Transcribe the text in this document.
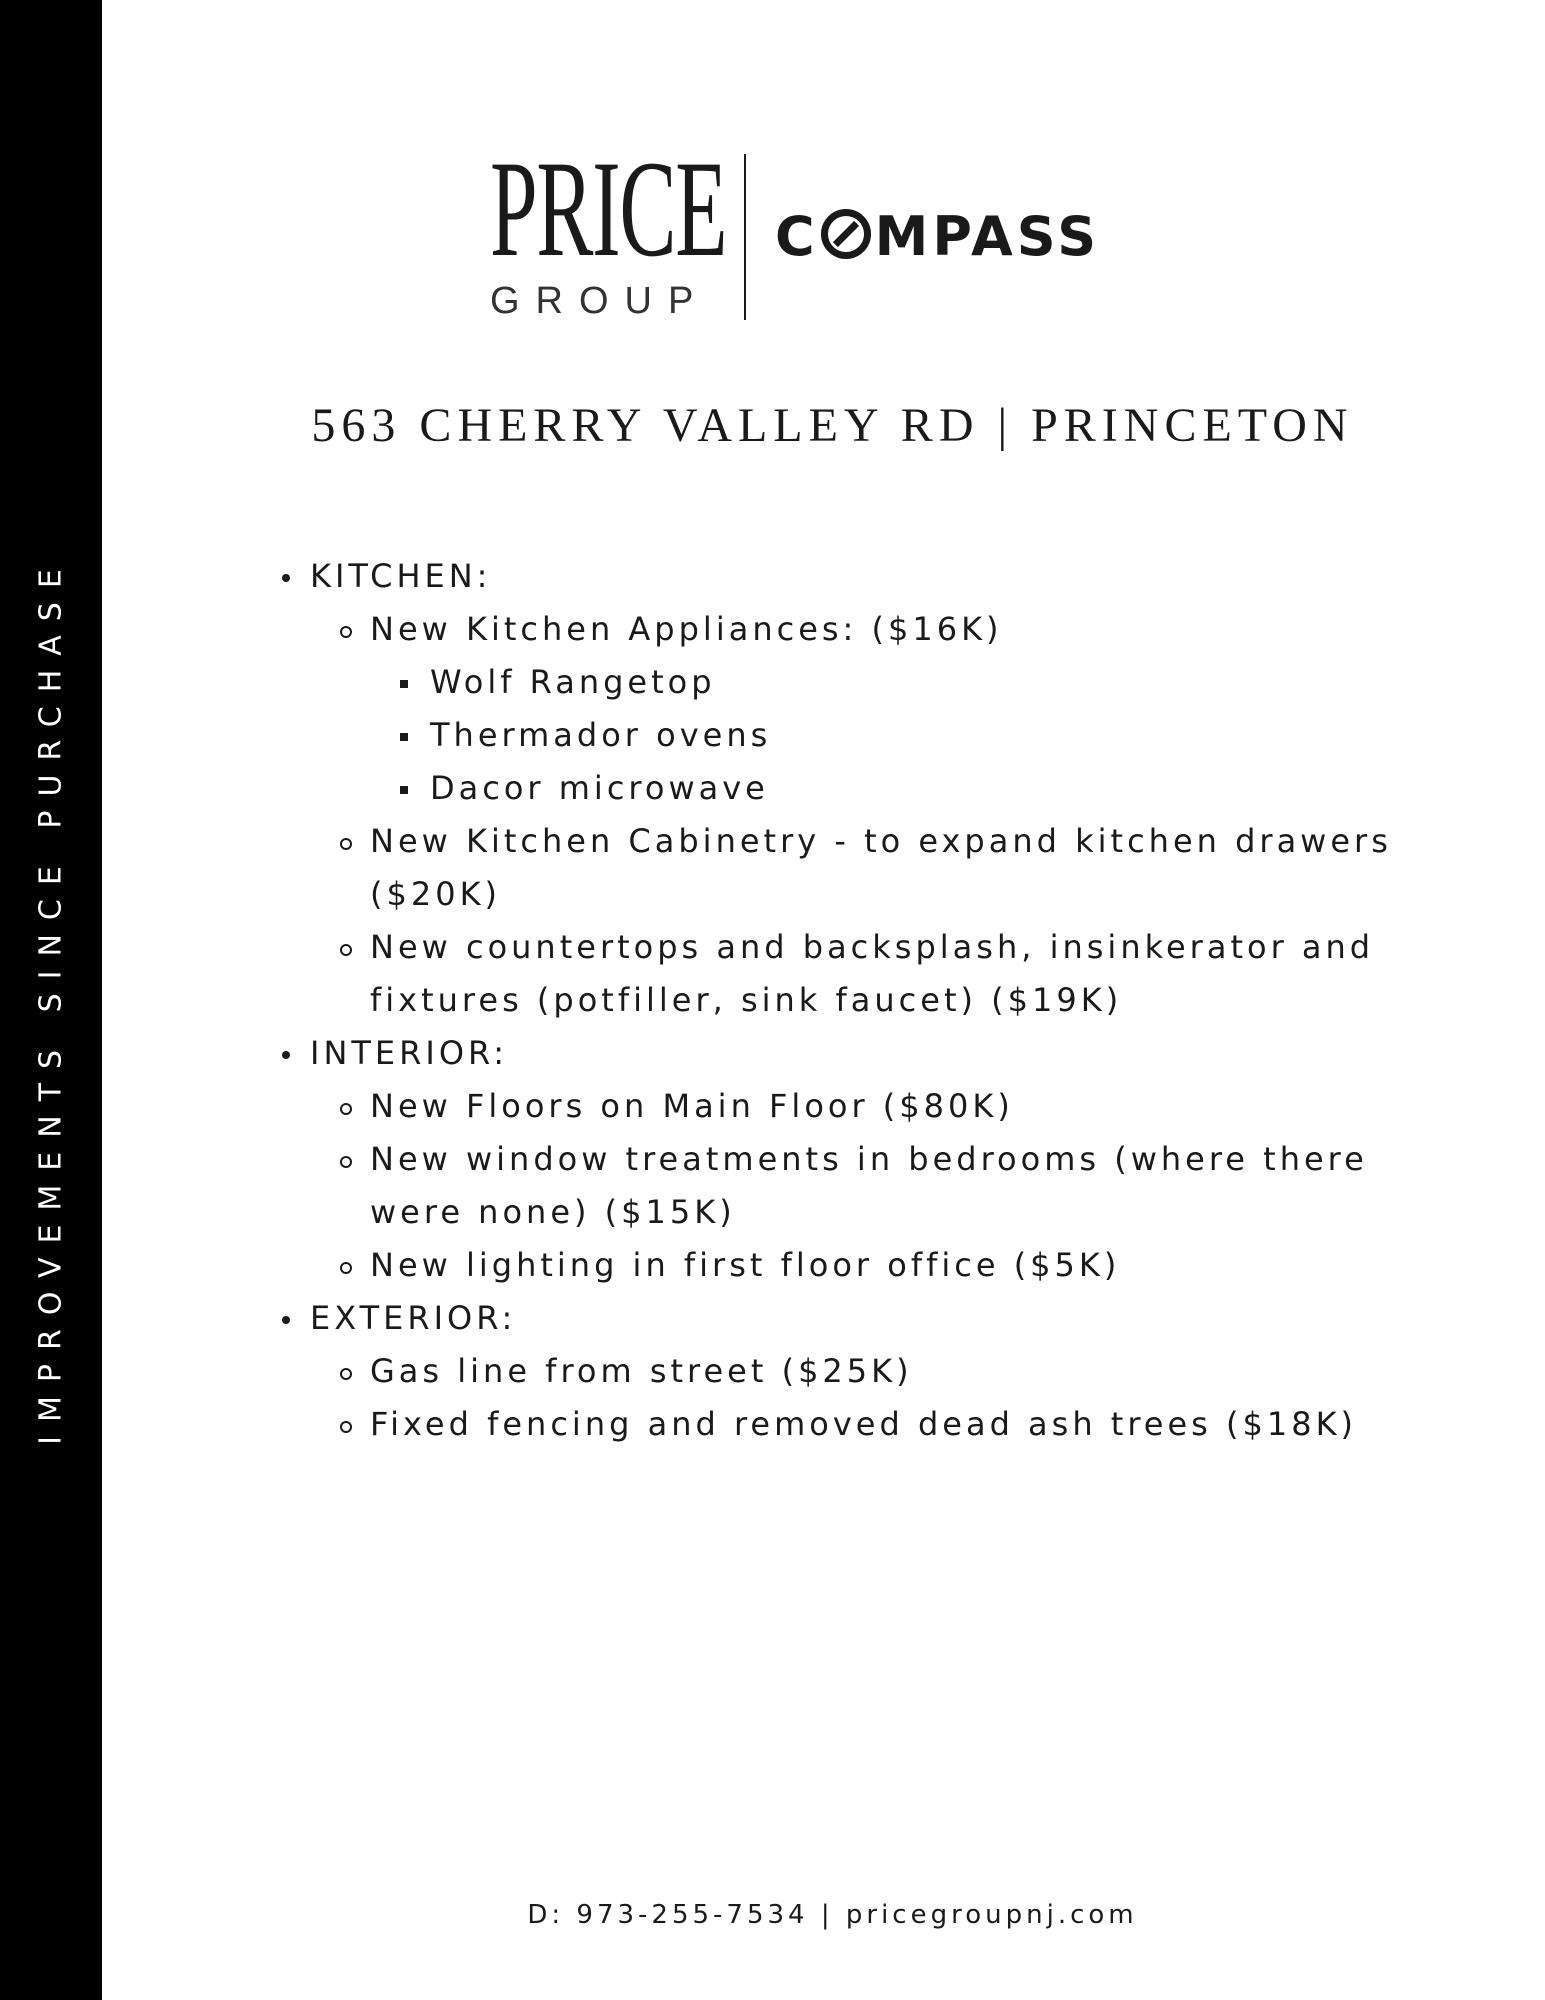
IMPROVEMENTS SINCE PURCHASE
PRICE
GROUP
C MPASS
563 CHERRY VALLEY RD | PRINCETON
KITCHEN:
New Kitchen Appliances: ($16K)
Wolf Rangetop
Thermador ovens
Dacor microwave
New Kitchen Cabinetry - to expand kitchen drawers ($20K)
New countertops and backsplash, insinkerator and fixtures (potfiller, sink faucet) ($19K)
INTERIOR:
New Floors on Main Floor ($80K)
New window treatments in bedrooms (where there were none) ($15K)
New lighting in first floor office ($5K)
EXTERIOR:
Gas line from street ($25K)
Fixed fencing and removed dead ash trees ($18K)
D: 973-255-7534 | pricegroupnj.com
